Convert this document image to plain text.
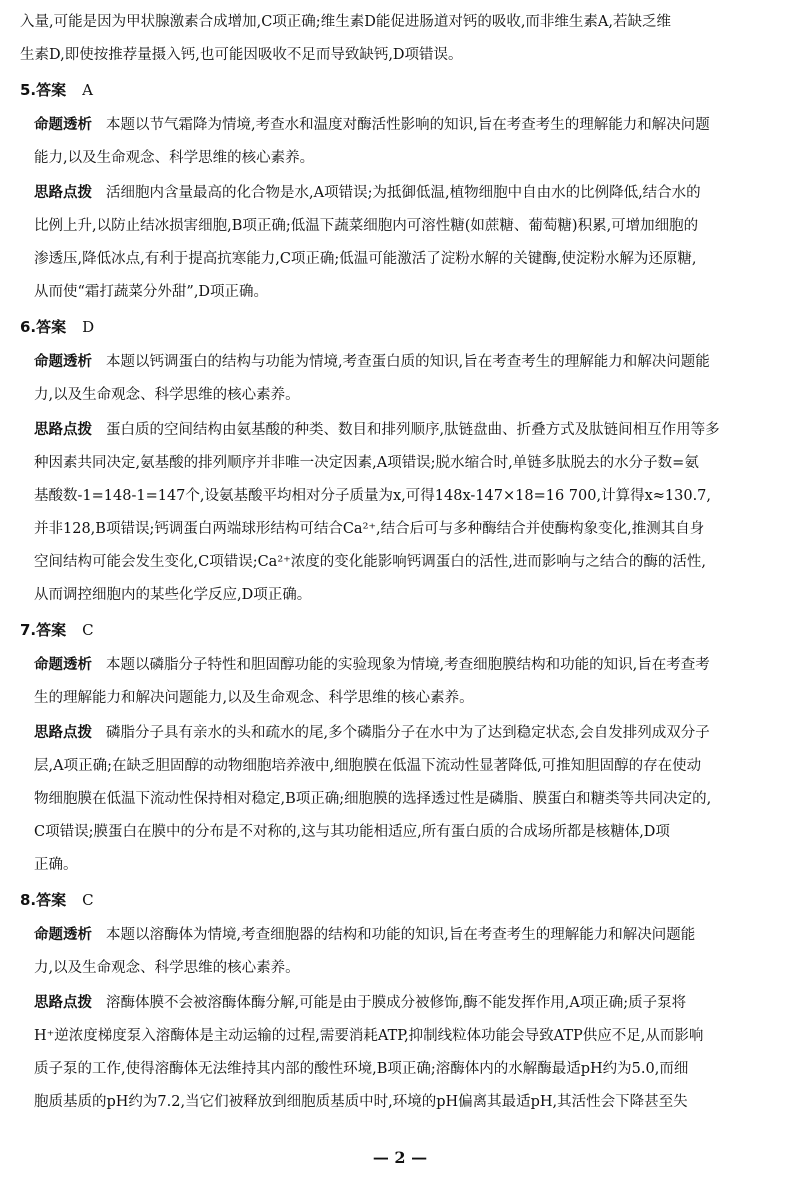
入量,可能是因为甲状腺激素合成增加,C项正确;维生素D能促进肠道对钙的吸收,而非维生素A,若缺乏维
生素D,即使按推荐量摄入钙,也可能因吸收不足而导致缺钙,D项错误。
5.答案 A
命题透析 本题以节气霜降为情境,考查水和温度对酶活性影响的知识,旨在考查考生的理解能力和解决问题
能力,以及生命观念、科学思维的核心素养。
思路点拨 活细胞内含量最高的化合物是水,A项错误;为抵御低温,植物细胞中自由水的比例降低,结合水的
比例上升,以防止结冰损害细胞,B项正确;低温下蔬菜细胞内可溶性糖(如蔗糖、葡萄糖)积累,可增加细胞的
渗透压,降低冰点,有利于提高抗寒能力,C项正确;低温可能激活了淀粉水解的关键酶,使淀粉水解为还原糖,
从而使“霜打蔬菜分外甜”,D项正确。
6.答案 D
命题透析 本题以钙调蛋白的结构与功能为情境,考查蛋白质的知识,旨在考查考生的理解能力和解决问题能
力,以及生命观念、科学思维的核心素养。
思路点拨 蛋白质的空间结构由氨基酸的种类、数目和排列顺序,肽链盘曲、折叠方式及肽链间相互作用等多
种因素共同决定,氨基酸的排列顺序并非唯一决定因素,A项错误;脱水缩合时,单链多肽脱去的水分子数=氨
基酸数-1=148-1=147个,设氨基酸平均相对分子质量为x,可得148x-147×18=16 700,计算得x≈130.7,
并非128,B项错误;钙调蛋白两端球形结构可结合Ca²⁺,结合后可与多种酶结合并使酶构象变化,推测其自身
空间结构可能会发生变化,C项错误;Ca²⁺浓度的变化能影响钙调蛋白的活性,进而影响与之结合的酶的活性,
从而调控细胞内的某些化学反应,D项正确。
7.答案 C
命题透析 本题以磷脂分子特性和胆固醇功能的实验现象为情境,考查细胞膜结构和功能的知识,旨在考查考
生的理解能力和解决问题能力,以及生命观念、科学思维的核心素养。
思路点拨 磷脂分子具有亲水的头和疏水的尾,多个磷脂分子在水中为了达到稳定状态,会自发排列成双分子
层,A项正确;在缺乏胆固醇的动物细胞培养液中,细胞膜在低温下流动性显著降低,可推知胆固醇的存在使动
物细胞膜在低温下流动性保持相对稳定,B项正确;细胞膜的选择透过性是磷脂、膜蛋白和糖类等共同决定的,
C项错误;膜蛋白在膜中的分布是不对称的,这与其功能相适应,所有蛋白质的合成场所都是核糖体,D项
正确。
8.答案 C
命题透析 本题以溶酶体为情境,考查细胞器的结构和功能的知识,旨在考查考生的理解能力和解决问题能
力,以及生命观念、科学思维的核心素养。
思路点拨 溶酶体膜不会被溶酶体酶分解,可能是由于膜成分被修饰,酶不能发挥作用,A项正确;质子泵将
H⁺逆浓度梯度泵入溶酶体是主动运输的过程,需要消耗ATP,抑制线粒体功能会导致ATP供应不足,从而影响
质子泵的工作,使得溶酶体无法维持其内部的酸性环境,B项正确;溶酶体内的水解酶最适pH约为5.0,而细
胞质基质的pH约为7.2,当它们被释放到细胞质基质中时,环境的pH偏离其最适pH,其活性会下降甚至失
— 2 —
